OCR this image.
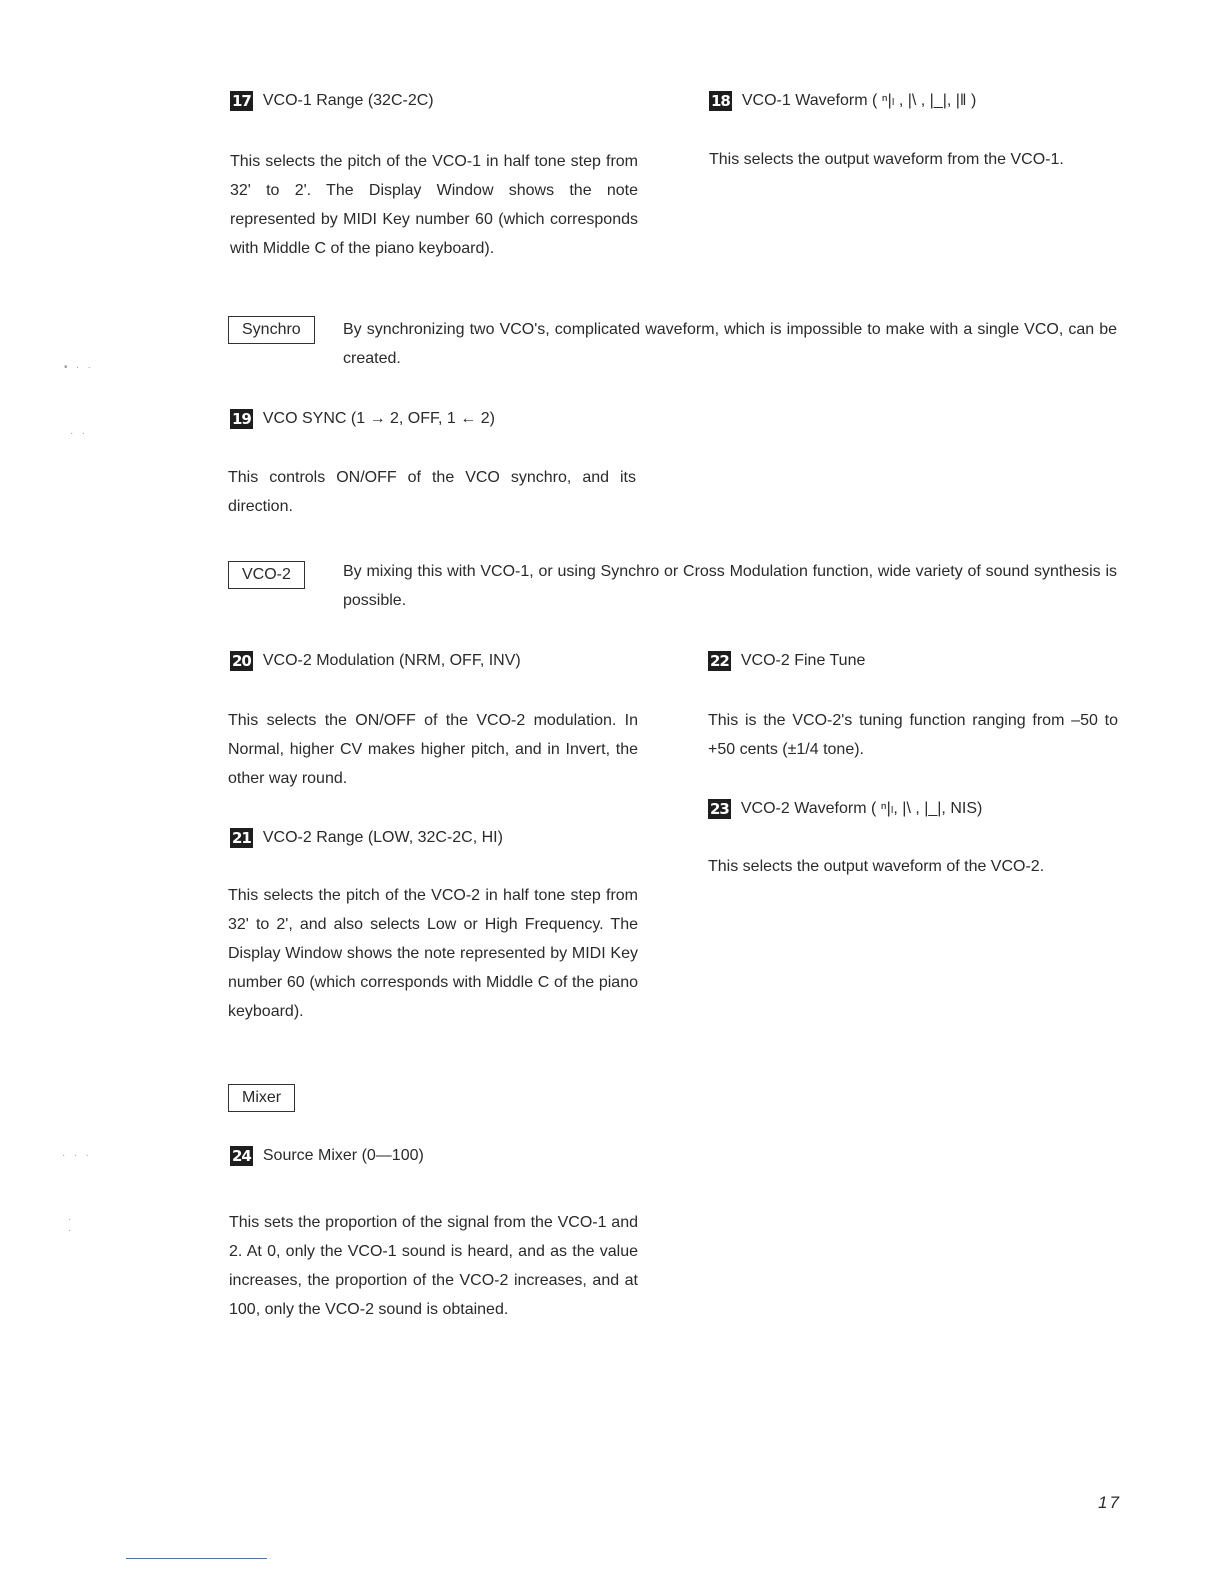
•   ·   ·
·   ·
·   ·   ·
·
·
17 VCO-1 Range (32C-2C)
This selects the pitch of the VCO-1 in half tone step from 32' to 2'. The Display Window shows the note represented by MIDI Key number 60 (which corresponds with Middle C of the piano keyboard).
18 VCO-1 Waveform ( ⁿ|ₗ , |\ , |_|, |‖ )
This selects the output waveform from the VCO-1.
Synchro	By synchronizing two VCO's, complicated waveform, which is impossible to make with a single VCO, can be created.
19 VCO SYNC (1 → 2, OFF, 1 ← 2)
This controls ON/OFF of the VCO synchro, and its direction.
VCO-2	By mixing this with VCO-1, or using Synchro or Cross Modulation function, wide variety of sound synthesis is possible.
20 VCO-2 Modulation (NRM, OFF, INV)
This selects the ON/OFF of the VCO-2 modulation. In Normal, higher CV makes higher pitch, and in Invert, the other way round.
21 VCO-2 Range (LOW, 32C-2C, HI)
This selects the pitch of the VCO-2 in half tone step from 32' to 2', and also selects Low or High Frequency. The Display Window shows the note represented by MIDI Key number 60 (which corresponds with Middle C of the piano keyboard).
22 VCO-2 Fine Tune
This is the VCO-2's tuning function ranging from –50 to +50 cents (±1/4 tone).
23 VCO-2 Waveform ( ⁿ|ₗ, |\ , |_|, NIS)
This selects the output waveform of the VCO-2.
Mixer
24 Source Mixer (0—100)
This sets the proportion of the signal from the VCO-1 and 2. At 0, only the VCO-1 sound is heard, and as the value increases, the proportion of the VCO-2 increases, and at 100, only the VCO-2 sound is obtained.
17
